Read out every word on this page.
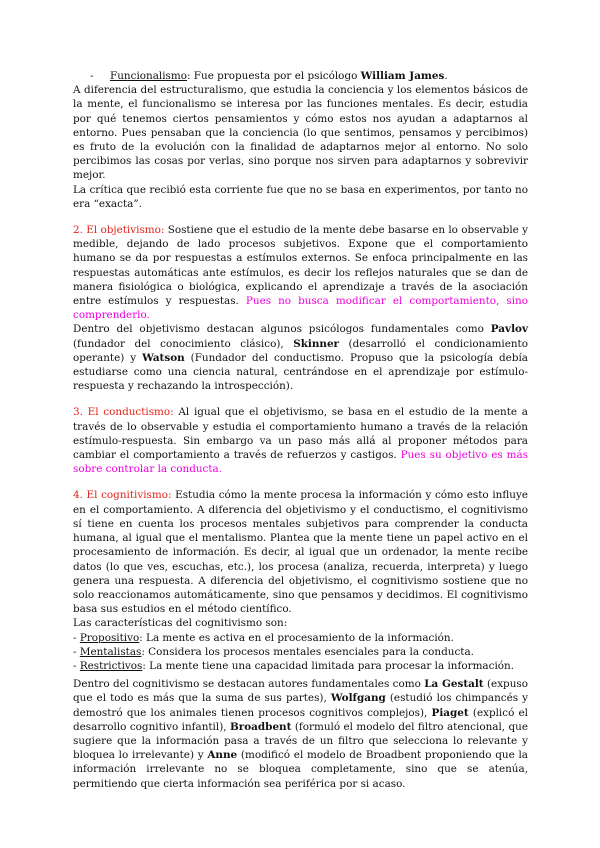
- Funcionalismo: Fue propuesta por el psicólogo William James.

A diferencia del estructuralismo, que estudia la conciencia y los elementos básicos de la mente, el funcionalismo se interesa por las funciones mentales. Es decir, estudia por qué tenemos ciertos pensamientos y cómo estos nos ayudan a adaptarnos al entorno. Pues pensaban que la conciencia (lo que sentimos, pensamos y percibimos) es fruto de la evolución con la finalidad de adaptarnos mejor al entorno. No solo percibimos las cosas por verlas, sino porque nos sirven para adaptarnos y sobrevivir mejor.

La crítica que recibió esta corriente fue que no se basa en experimentos, por tanto no era “exacta”.

2. El objetivismo: Sostiene que el estudio de la mente debe basarse en lo observable y medible, dejando de lado procesos subjetivos. Expone que el comportamiento humano se da por respuestas a estímulos externos. Se enfoca principalmente en las respuestas automáticas ante estímulos, es decir los reflejos naturales que se dan de manera fisiológica o biológica, explicando el aprendizaje a través de la asociación entre estímulos y respuestas. Pues no busca modificar el comportamiento, sino comprenderlo.

Dentro del objetivismo destacan algunos psicólogos fundamentales como Pavlov (fundador del conocimiento clásico), Skinner (desarrolló el condicionamiento operante) y Watson (Fundador del conductismo. Propuso que la psicología debía estudiarse como una ciencia natural, centrándose en el aprendizaje por estímulo-respuesta y rechazando la introspección).

3. El conductismo: Al igual que el objetivismo, se basa en el estudio de la mente a través de lo observable y estudia el comportamiento humano a través de la relación estímulo-respuesta. Sin embargo va un paso más allá al proponer métodos para cambiar el comportamiento a través de refuerzos y castigos. Pues su objetivo es más sobre controlar la conducta.

4. El cognitivismo: Estudia cómo la mente procesa la información y cómo esto influye en el comportamiento. A diferencia del objetivismo y el conductismo, el cognitivismo sí tiene en cuenta los procesos mentales subjetivos para comprender la conducta humana, al igual que el mentalismo. Plantea que la mente tiene un papel activo en el procesamiento de información. Es decir, al igual que un ordenador, la mente recibe datos (lo que ves, escuchas, etc.), los procesa (analiza, recuerda, interpreta) y luego genera una respuesta. A diferencia del objetivismo, el cognitivismo sostiene que no solo reaccionamos automáticamente, sino que pensamos y decidimos. El cognitivismo basa sus estudios en el método científico.

Las características del cognitivismo son:

- Propositivo: La mente es activa en el procesamiento de la información.

- Mentalistas: Considera los procesos mentales esenciales para la conducta.

- Restrictivos: La mente tiene una capacidad limitada para procesar la información.

Dentro del cognitivismo se destacan autores fundamentales como La Gestalt (expuso que el todo es más que la suma de sus partes), Wolfgang (estudió los chimpancés y demostró que los animales tienen procesos cognitivos complejos), Piaget (explicó el desarrollo cognitivo infantil), Broadbent (formuló el modelo del filtro atencional, que sugiere que la información pasa a través de un filtro que selecciona lo relevante y bloquea lo irrelevante) y Anne (modificó el modelo de Broadbent proponiendo que la información irrelevante no se bloquea completamente, sino que se atenúa, permitiendo que cierta información sea periférica por si acaso.
